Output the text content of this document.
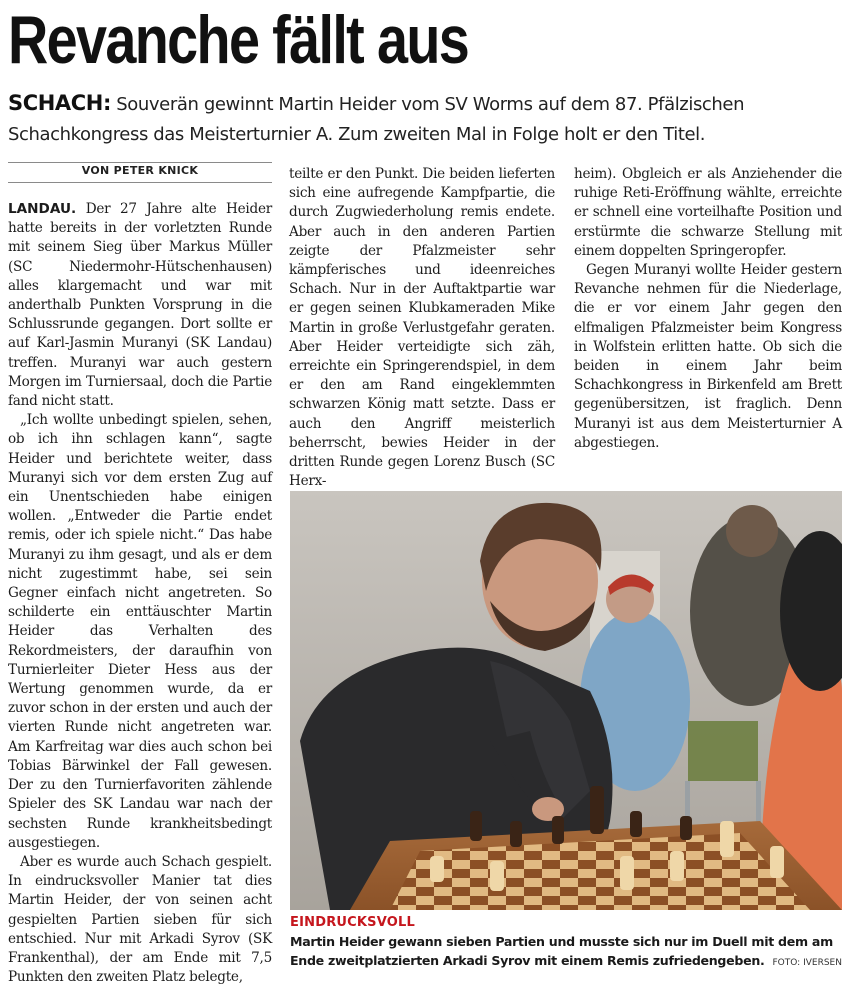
Revanche fällt aus
SCHACH: Souverän gewinnt Martin Heider vom SV Worms auf dem 87. Pfälzischen
Schachkongress das Meisterturnier A. Zum zweiten Mal in Folge holt er den Titel.
VON PETER KNICK

LANDAU. Der 27 Jahre alte Heider hatte bereits in der vorletzten Runde mit seinem Sieg über Markus Müller (SC Niedermohr-Hütschenhausen) alles klargemacht und war mit anderthalb Punkten Vorsprung in die Schlussrunde gegangen. Dort sollte er auf Karl-Jasmin Muranyi (SK Landau) treffen. Muranyi war auch gestern Morgen im Turniersaal, doch die Partie fand nicht statt.

„Ich wollte unbedingt spielen, sehen, ob ich ihn schlagen kann“, sagte Heider und berichtete weiter, dass Muranyi sich vor dem ersten Zug auf ein Unentschieden habe einigen wollen. „Entweder die Partie endet remis, oder ich spiele nicht.“ Das habe Muranyi zu ihm gesagt, und als er dem nicht zugestimmt habe, sei sein Gegner einfach nicht angetreten. So schilderte ein enttäuschter Martin Heider das Verhalten des Rekordmeisters, der daraufhin von Turnierleiter Dieter Hess aus der Wertung genommen wurde, da er zuvor schon in der ersten und auch der vierten Runde nicht angetreten war. Am Karfreitag war dies auch schon bei Tobias Bärwinkel der Fall gewesen. Der zu den Turnierfavoriten zählende Spieler des SK Landau war nach der sechsten Runde krankheitsbedingt ausgestiegen.

Aber es wurde auch Schach gespielt. In eindrucksvoller Manier tat dies Martin Heider, der von seinen acht gespielten Partien sieben für sich entschied. Nur mit Arkadi Syrov (SK Frankenthal), der am Ende mit 7,5 Punkten den zweiten Platz belegte,

teilte er den Punkt. Die beiden lieferten sich eine aufregende Kampfpartie, die durch Zugwiederholung remis endete. Aber auch in den anderen Partien zeigte der Pfalzmeister sehr kämpferisches und ideenreiches Schach. Nur in der Auftaktpartie war er gegen seinen Klubkameraden Mike Martin in große Verlustgefahr geraten. Aber Heider verteidigte sich zäh, erreichte ein Springerendspiel, in dem er den am Rand eingeklemmten schwarzen König matt setzte. Dass er auch den Angriff meisterlich beherrscht, bewies Heider in der dritten Runde gegen Lorenz Busch (SC Herx-

heim). Obgleich er als Anziehender die ruhige Reti-Eröffnung wählte, erreichte er schnell eine vorteilhafte Position und erstürmte die schwarze Stellung mit einem doppelten Springeropfer.

Gegen Muranyi wollte Heider gestern Revanche nehmen für die Niederlage, die er vor einem Jahr gegen den elfmaligen Pfalzmeister beim Kongress in Wolfstein erlitten hatte. Ob sich die beiden in einem Jahr beim Schachkongress in Birkenfeld am Brett gegenübersitzen, ist fraglich. Denn Muranyi ist aus dem Meisterturnier A abgestiegen.

EINDRUCKSVOLL
Martin Heider gewann sieben Partien und musste sich nur im Duell mit dem am Ende zweitplatzierten Arkadi Syrov mit einem Remis zufriedengeben. FOTO: IVERSEN
